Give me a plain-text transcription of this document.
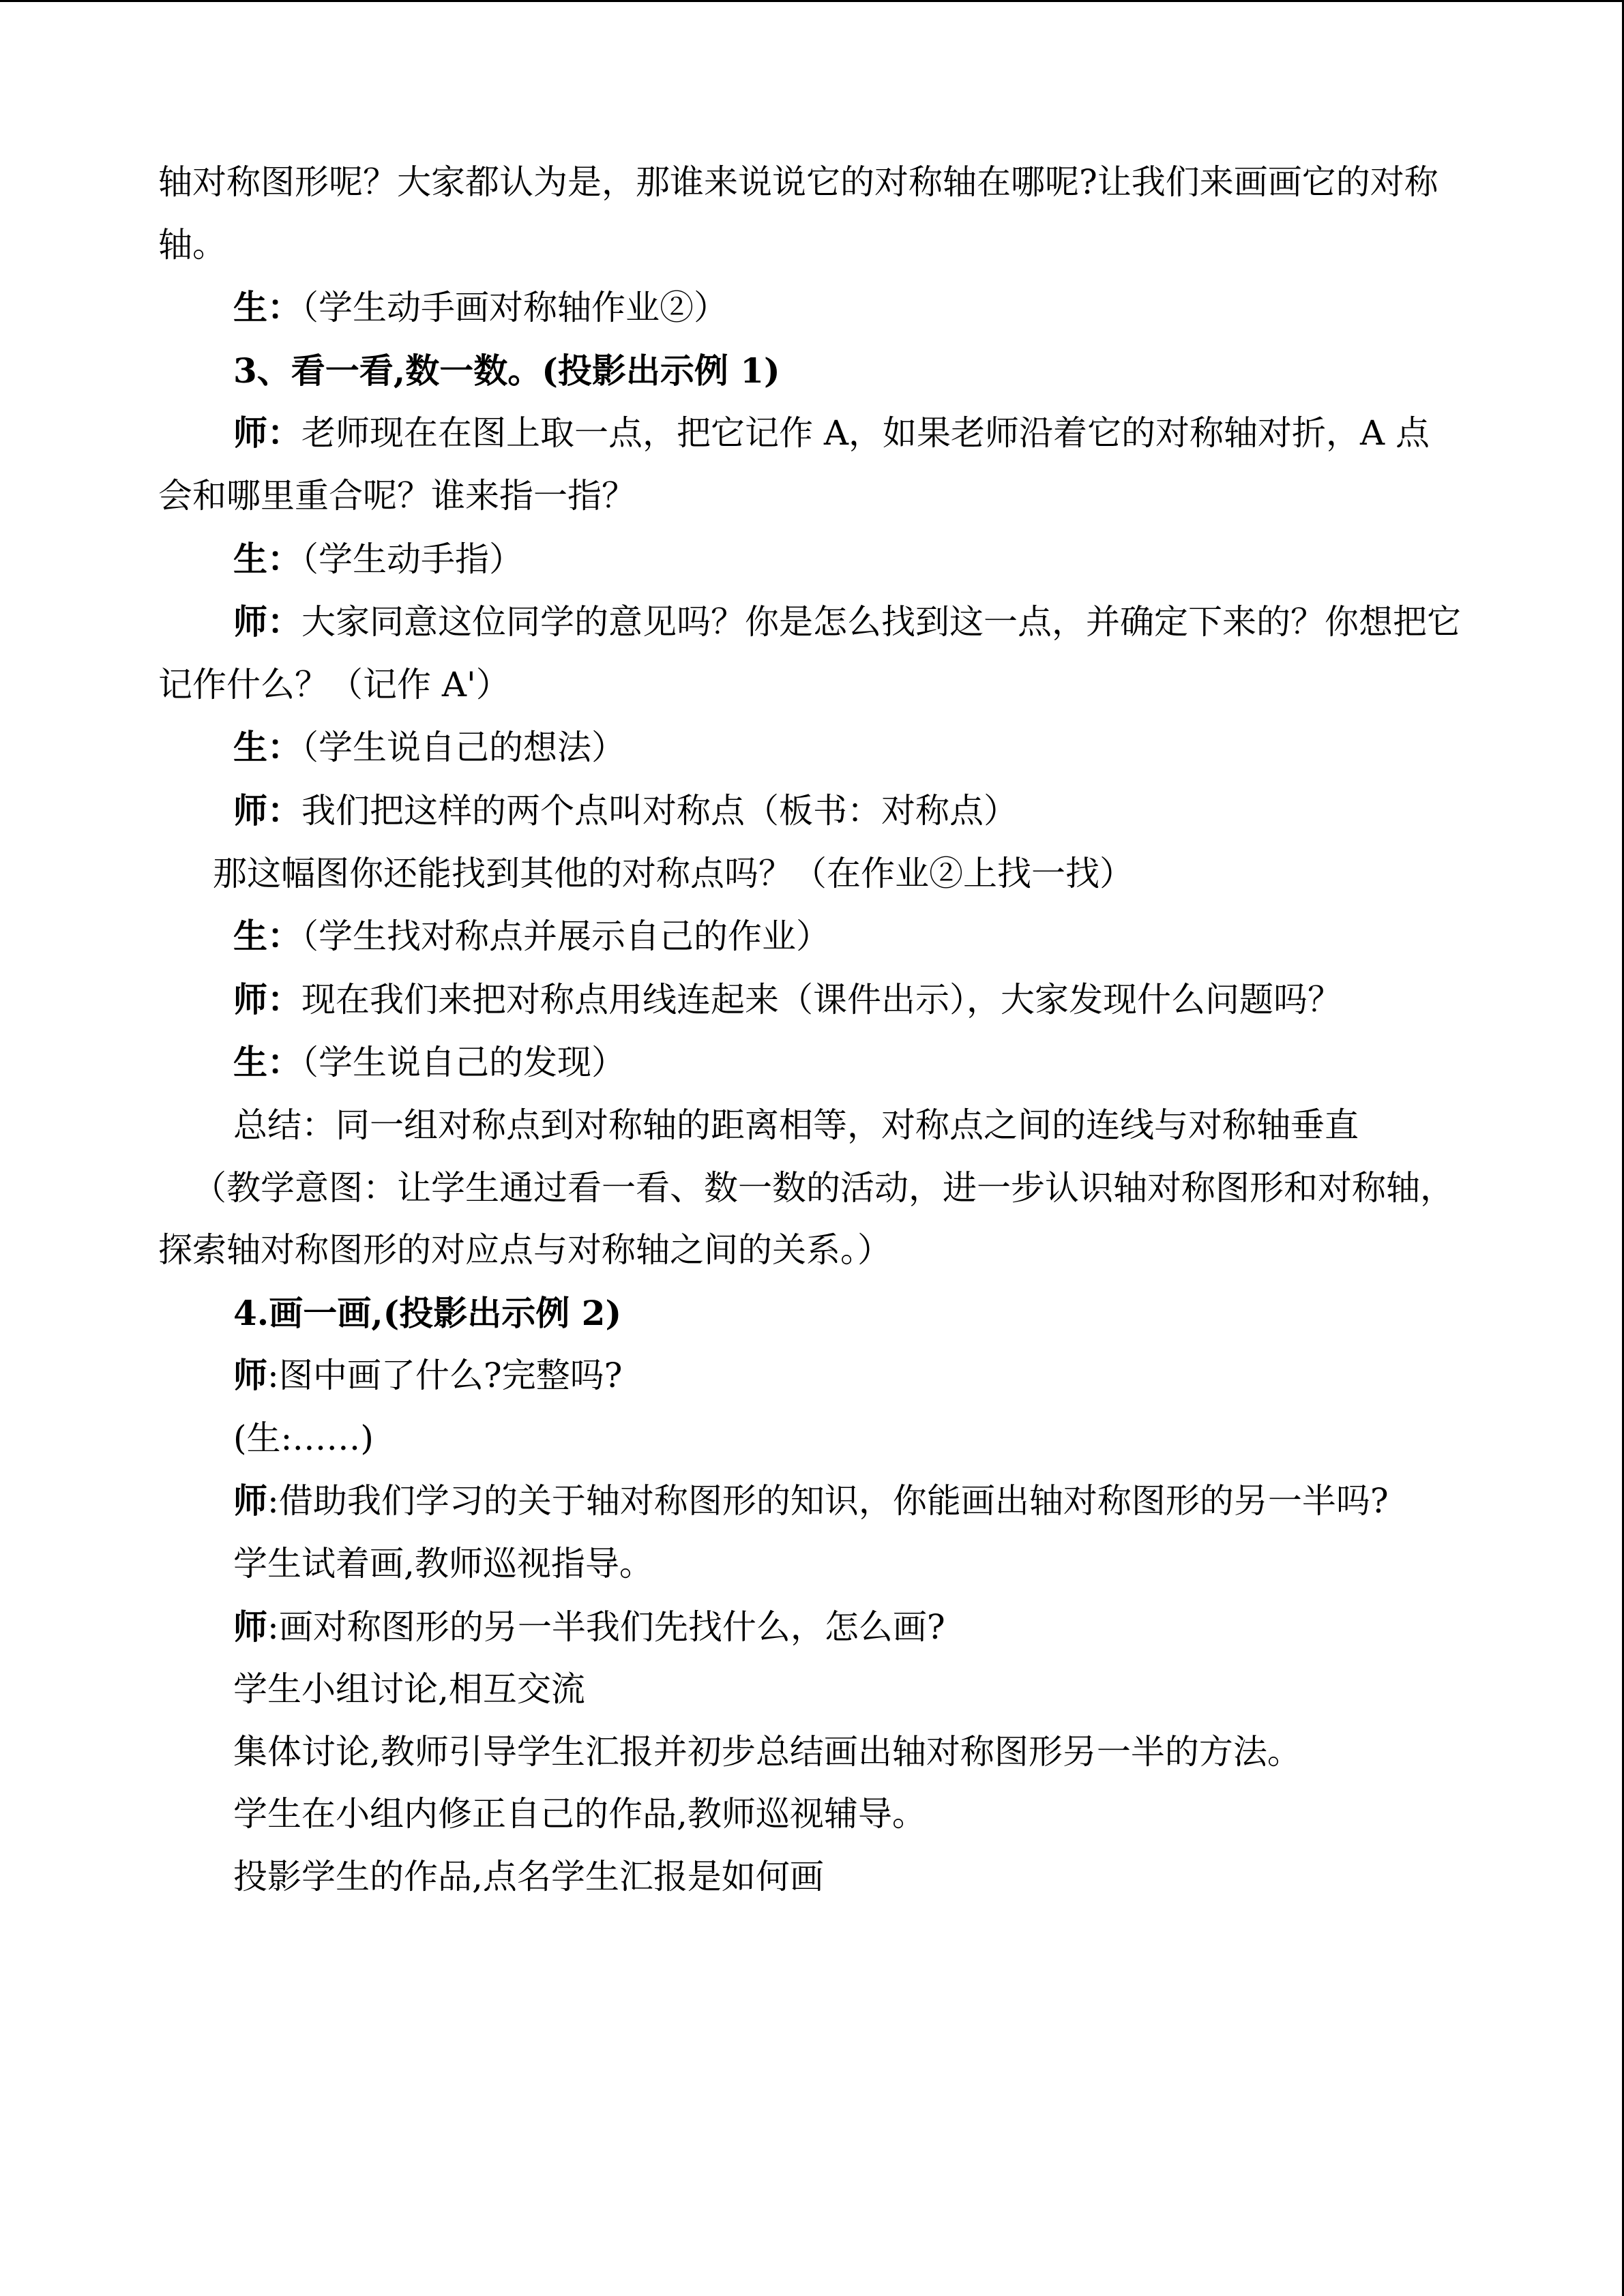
轴对称图形呢？大家都认为是，那谁来说说它的对称轴在哪呢?让我们来画画它的对称轴。

生：（学生动手画对称轴作业②）

3、看一看,数一数。(投影出示例 1)

师：老师现在在图上取一点，把它记作 A，如果老师沿着它的对称轴对折，A 点会和哪里重合呢？谁来指一指？

生：（学生动手指）

师：大家同意这位同学的意见吗？你是怎么找到这一点，并确定下来的？你想把它记作什么？（记作 A'）

生：（学生说自己的想法）

师：我们把这样的两个点叫对称点（板书：对称点）

那这幅图你还能找到其他的对称点吗？（在作业②上找一找）

生：（学生找对称点并展示自己的作业）

师：现在我们来把对称点用线连起来（课件出示），大家发现什么问题吗？

生：（学生说自己的发现）

总结：同一组对称点到对称轴的距离相等，对称点之间的连线与对称轴垂直

（教学意图：让学生通过看一看、数一数的活动，进一步认识轴对称图形和对称轴，探索轴对称图形的对应点与对称轴之间的关系。）

4.画一画,(投影出示例 2)

师:图中画了什么?完整吗?

(生:……)

师:借助我们学习的关于轴对称图形的知识，你能画出轴对称图形的另一半吗?

学生试着画,教师巡视指导。

师:画对称图形的另一半我们先找什么，怎么画?

学生小组讨论,相互交流

集体讨论,教师引导学生汇报并初步总结画出轴对称图形另一半的方法。

学生在小组内修正自己的作品,教师巡视辅导。

投影学生的作品,点名学生汇报是如何画
